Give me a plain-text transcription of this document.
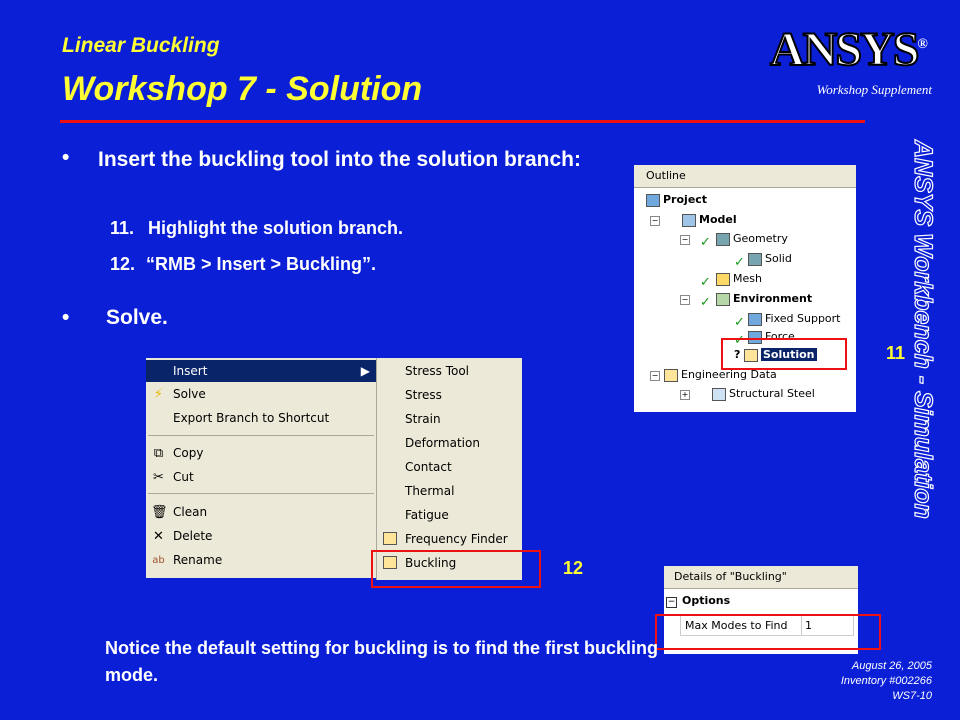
Linear Buckling
Workshop 7 - Solution
ANSYS®
Workshop Supplement
ANSYS Workbench - Simulation
• Insert the buckling tool into the solution branch:
11. Highlight the solution branch.
12. “RMB > Insert > Buckling”.
• Solve.
Outline
Project
−	Model
− ✓	Geometry
✓	Solid
✓	Mesh
− ✓	Environment
✓	Fixed Support
✓	Force
?	Solution
−	Engineering Data
+	Structural Steel
11
Insert	▶
⚡ Solve
Export Branch to Shortcut
⧉ Copy
✂ Cut
🗑 Clean
✕ Delete
ab Rename
Stress Tool
Stress
Strain
Deformation
Contact
Thermal
Fatigue
Frequency Finder
Buckling	12	Details of "Buckling"
− Options
Max Modes to Find 1
Notice the default setting for buckling is to find the first buckling mode.	August 26, 2005
Inventory #002266
WS7-10
